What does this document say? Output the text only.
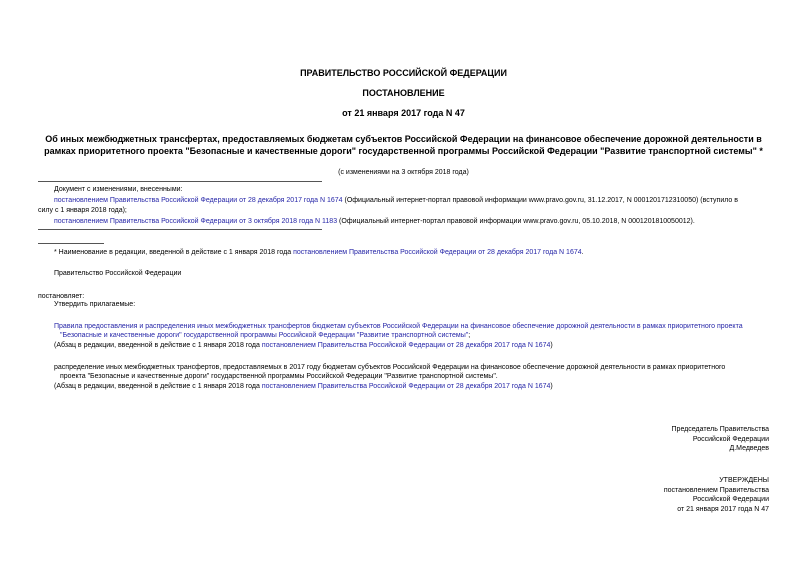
ПРАВИТЕЛЬСТВО РОССИЙСКОЙ ФЕДЕРАЦИИ
ПОСТАНОВЛЕНИЕ
от 21 января 2017 года N 47
Об иных межбюджетных трансфертах, предоставляемых бюджетам субъектов Российской Федерации на финансовое обеспечение дорожной деятельности в
рамках приоритетного проекта "Безопасные и качественные дороги" государственной программы Российской Федерации "Развитие транспортной системы" *
(с изменениями на 3 октября 2018 года)
Документ с изменениями, внесенными:
постановлением Правительства Российской Федерации от 28 декабря 2017 года N 1674 (Официальный интернет-портал правовой информации www.pravo.gov.ru, 31.12.2017, N 0001201712310050) (вступило в
силу с 1 января 2018 года);
постановлением Правительства Российской Федерации от 3 октября 2018 года N 1183 (Официальный интернет-портал правовой информации www.pravo.gov.ru, 05.10.2018, N 0001201810050012).
* Наименование в редакции, введенной в действие с 1 января 2018 года постановлением Правительства Российской Федерации от 28 декабря 2017 года N 1674.
Правительство Российской Федерации
постановляет:
Утвердить прилагаемые:
Правила предоставления и распределения иных межбюджетных трансфертов бюджетам субъектов Российской Федерации на финансовое обеспечение дорожной деятельности в рамках приоритетного проекта
"Безопасные и качественные дороги" государственной программы Российской Федерации "Развитие транспортной системы";
(Абзац в редакции, введенной в действие с 1 января 2018 года постановлением Правительства Российской Федерации от 28 декабря 2017 года N 1674)
распределение иных межбюджетных трансфертов, предоставляемых в 2017 году бюджетам субъектов Российской Федерации на финансовое обеспечение дорожной деятельности в рамках приоритетного
проекта "Безопасные и качественные дороги" государственной программы Российской Федерации "Развитие транспортной системы".
(Абзац в редакции, введенной в действие с 1 января 2018 года постановлением Правительства Российской Федерации от 28 декабря 2017 года N 1674)
Председатель Правительства
Российской Федерации
Д.Медведев
УТВЕРЖДЕНЫ
постановлением Правительства
Российской Федерации
от 21 января 2017 года N 47
